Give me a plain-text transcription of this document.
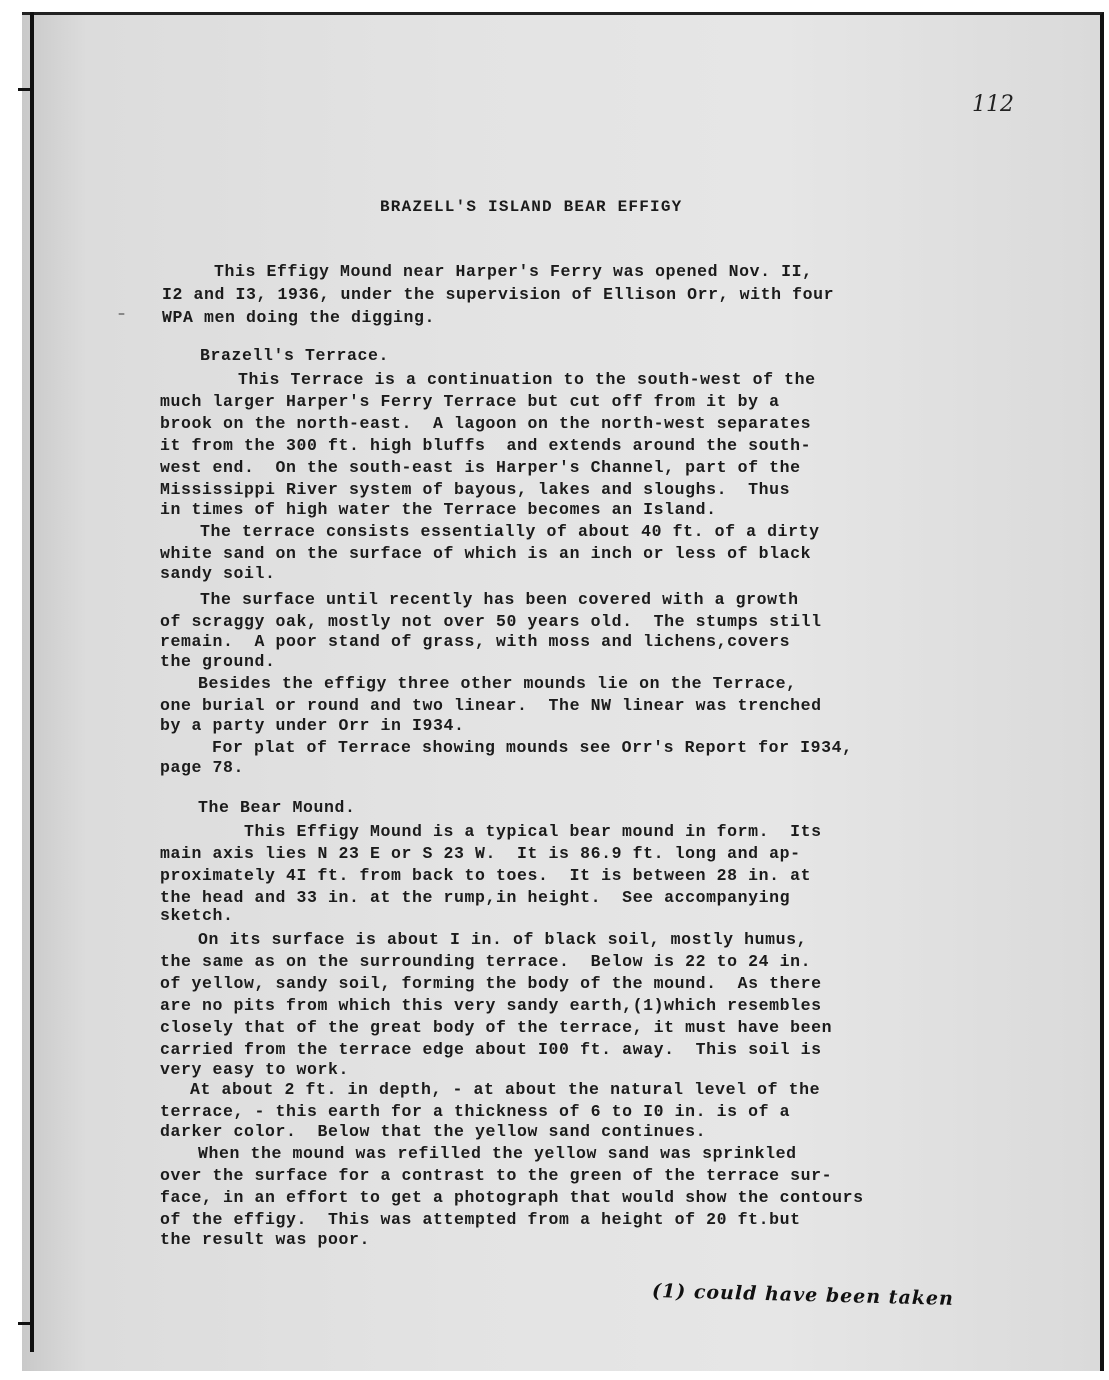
112
BRAZELL'S ISLAND BEAR EFFIGY
–
This Effigy Mound near Harper's Ferry was opened Nov. II,
I2 and I3, 1936, under the supervision of Ellison Orr, with four
WPA men doing the digging.
Brazell's Terrace.
This Terrace is a continuation to the south-west of the
much larger Harper's Ferry Terrace but cut off from it by a
brook on the north-east.  A lagoon on the north-west separates
it from the 300 ft. high bluffs  and extends around the south-
west end.  On the south-east is Harper's Channel, part of the
Mississippi River system of bayous, lakes and sloughs.  Thus
in times of high water the Terrace becomes an Island.
The terrace consists essentially of about 40 ft. of a dirty
white sand on the surface of which is an inch or less of black
sandy soil.
The surface until recently has been covered with a growth
of scraggy oak, mostly not over 50 years old.  The stumps still
remain.  A poor stand of grass, with moss and lichens,covers
the ground.
Besides the effigy three other mounds lie on the Terrace,
one burial or round and two linear.  The NW linear was trenched
by a party under Orr in I934.
For plat of Terrace showing mounds see Orr's Report for I934,
page 78.
The Bear Mound.
This Effigy Mound is a typical bear mound in form.  Its
main axis lies N 23 E or S 23 W.  It is 86.9 ft. long and ap-
proximately 4I ft. from back to toes.  It is between 28 in. at
the head and 33 in. at the rump,in height.  See accompanying
sketch.
On its surface is about I in. of black soil, mostly humus,
the same as on the surrounding terrace.  Below is 22 to 24 in.
of yellow, sandy soil, forming the body of the mound.  As there
are no pits from which this very sandy earth,(1)which resembles
closely that of the great body of the terrace, it must have been
carried from the terrace edge about I00 ft. away.  This soil is
very easy to work.
At about 2 ft. in depth, - at about the natural level of the
terrace, - this earth for a thickness of 6 to I0 in. is of a
darker color.  Below that the yellow sand continues.
When the mound was refilled the yellow sand was sprinkled
over the surface for a contrast to the green of the terrace sur-
face, in an effort to get a photograph that would show the contours
of the effigy.  This was attempted from a height of 20 ft.but
the result was poor.
(1) could have been taken
